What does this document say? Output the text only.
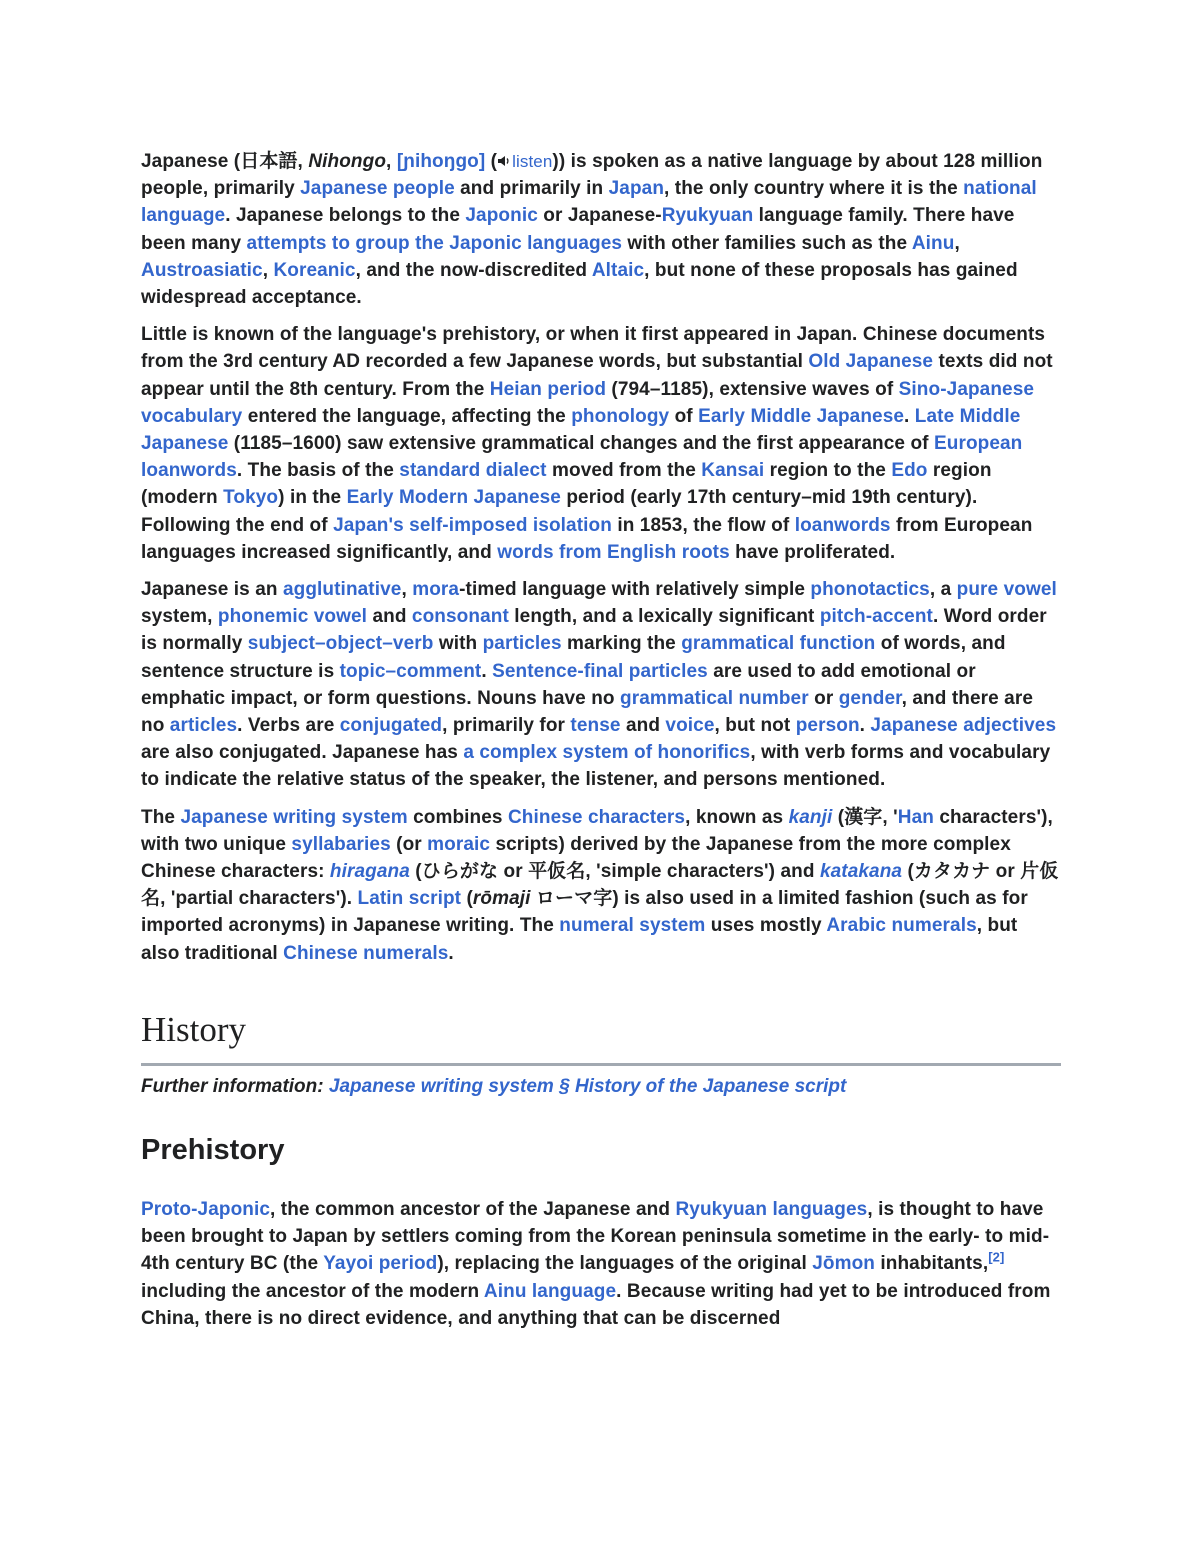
Japanese (日本語, Nihongo, [ɲihoŋɡo] ( listen)) is spoken as a native language by about 128 million people, primarily Japanese people and primarily in Japan, the only country where it is the national language. Japanese belongs to the Japonic or Japanese-Ryukyuan language family. There have been many attempts to group the Japonic languages with other families such as the Ainu, Austroasiatic, Koreanic, and the now-discredited Altaic, but none of these proposals has gained widespread acceptance.

Little is known of the language's prehistory, or when it first appeared in Japan. Chinese documents from the 3rd century AD recorded a few Japanese words, but substantial Old Japanese texts did not appear until the 8th century. From the Heian period (794–1185), extensive waves of Sino-Japanese vocabulary entered the language, affecting the phonology of Early Middle Japanese. Late Middle Japanese (1185–1600) saw extensive grammatical changes and the first appearance of European loanwords. The basis of the standard dialect moved from the Kansai region to the Edo region (modern Tokyo) in the Early Modern Japanese period (early 17th century–mid 19th century). Following the end of Japan's self-imposed isolation in 1853, the flow of loanwords from European languages increased significantly, and words from English roots have proliferated.

Japanese is an agglutinative, mora-timed language with relatively simple phonotactics, a pure vowel system, phonemic vowel and consonant length, and a lexically significant pitch-accent. Word order is normally subject–object–verb with particles marking the grammatical function of words, and sentence structure is topic–comment. Sentence-final particles are used to add emotional or emphatic impact, or form questions. Nouns have no grammatical number or gender, and there are no articles. Verbs are conjugated, primarily for tense and voice, but not person. Japanese adjectives are also conjugated. Japanese has a complex system of honorifics, with verb forms and vocabulary to indicate the relative status of the speaker, the listener, and persons mentioned.

The Japanese writing system combines Chinese characters, known as kanji (漢字, 'Han characters'), with two unique syllabaries (or moraic scripts) derived by the Japanese from the more complex Chinese characters: hiragana (ひらがな or 平仮名, 'simple characters') and katakana (カタカナ or 片仮名, 'partial characters'). Latin script (rōmaji ローマ字) is also used in a limited fashion (such as for imported acronyms) in Japanese writing. The numeral system uses mostly Arabic numerals, but also traditional Chinese numerals.

History
Further information: Japanese writing system § History of the Japanese script
Prehistory

Proto-Japonic, the common ancestor of the Japanese and Ryukyuan languages, is thought to have been brought to Japan by settlers coming from the Korean peninsula sometime in the early- to mid-4th century BC (the Yayoi period), replacing the languages of the original Jōmon inhabitants,[2] including the ancestor of the modern Ainu language. Because writing had yet to be introduced from China, there is no direct evidence, and anything that can be discerned
